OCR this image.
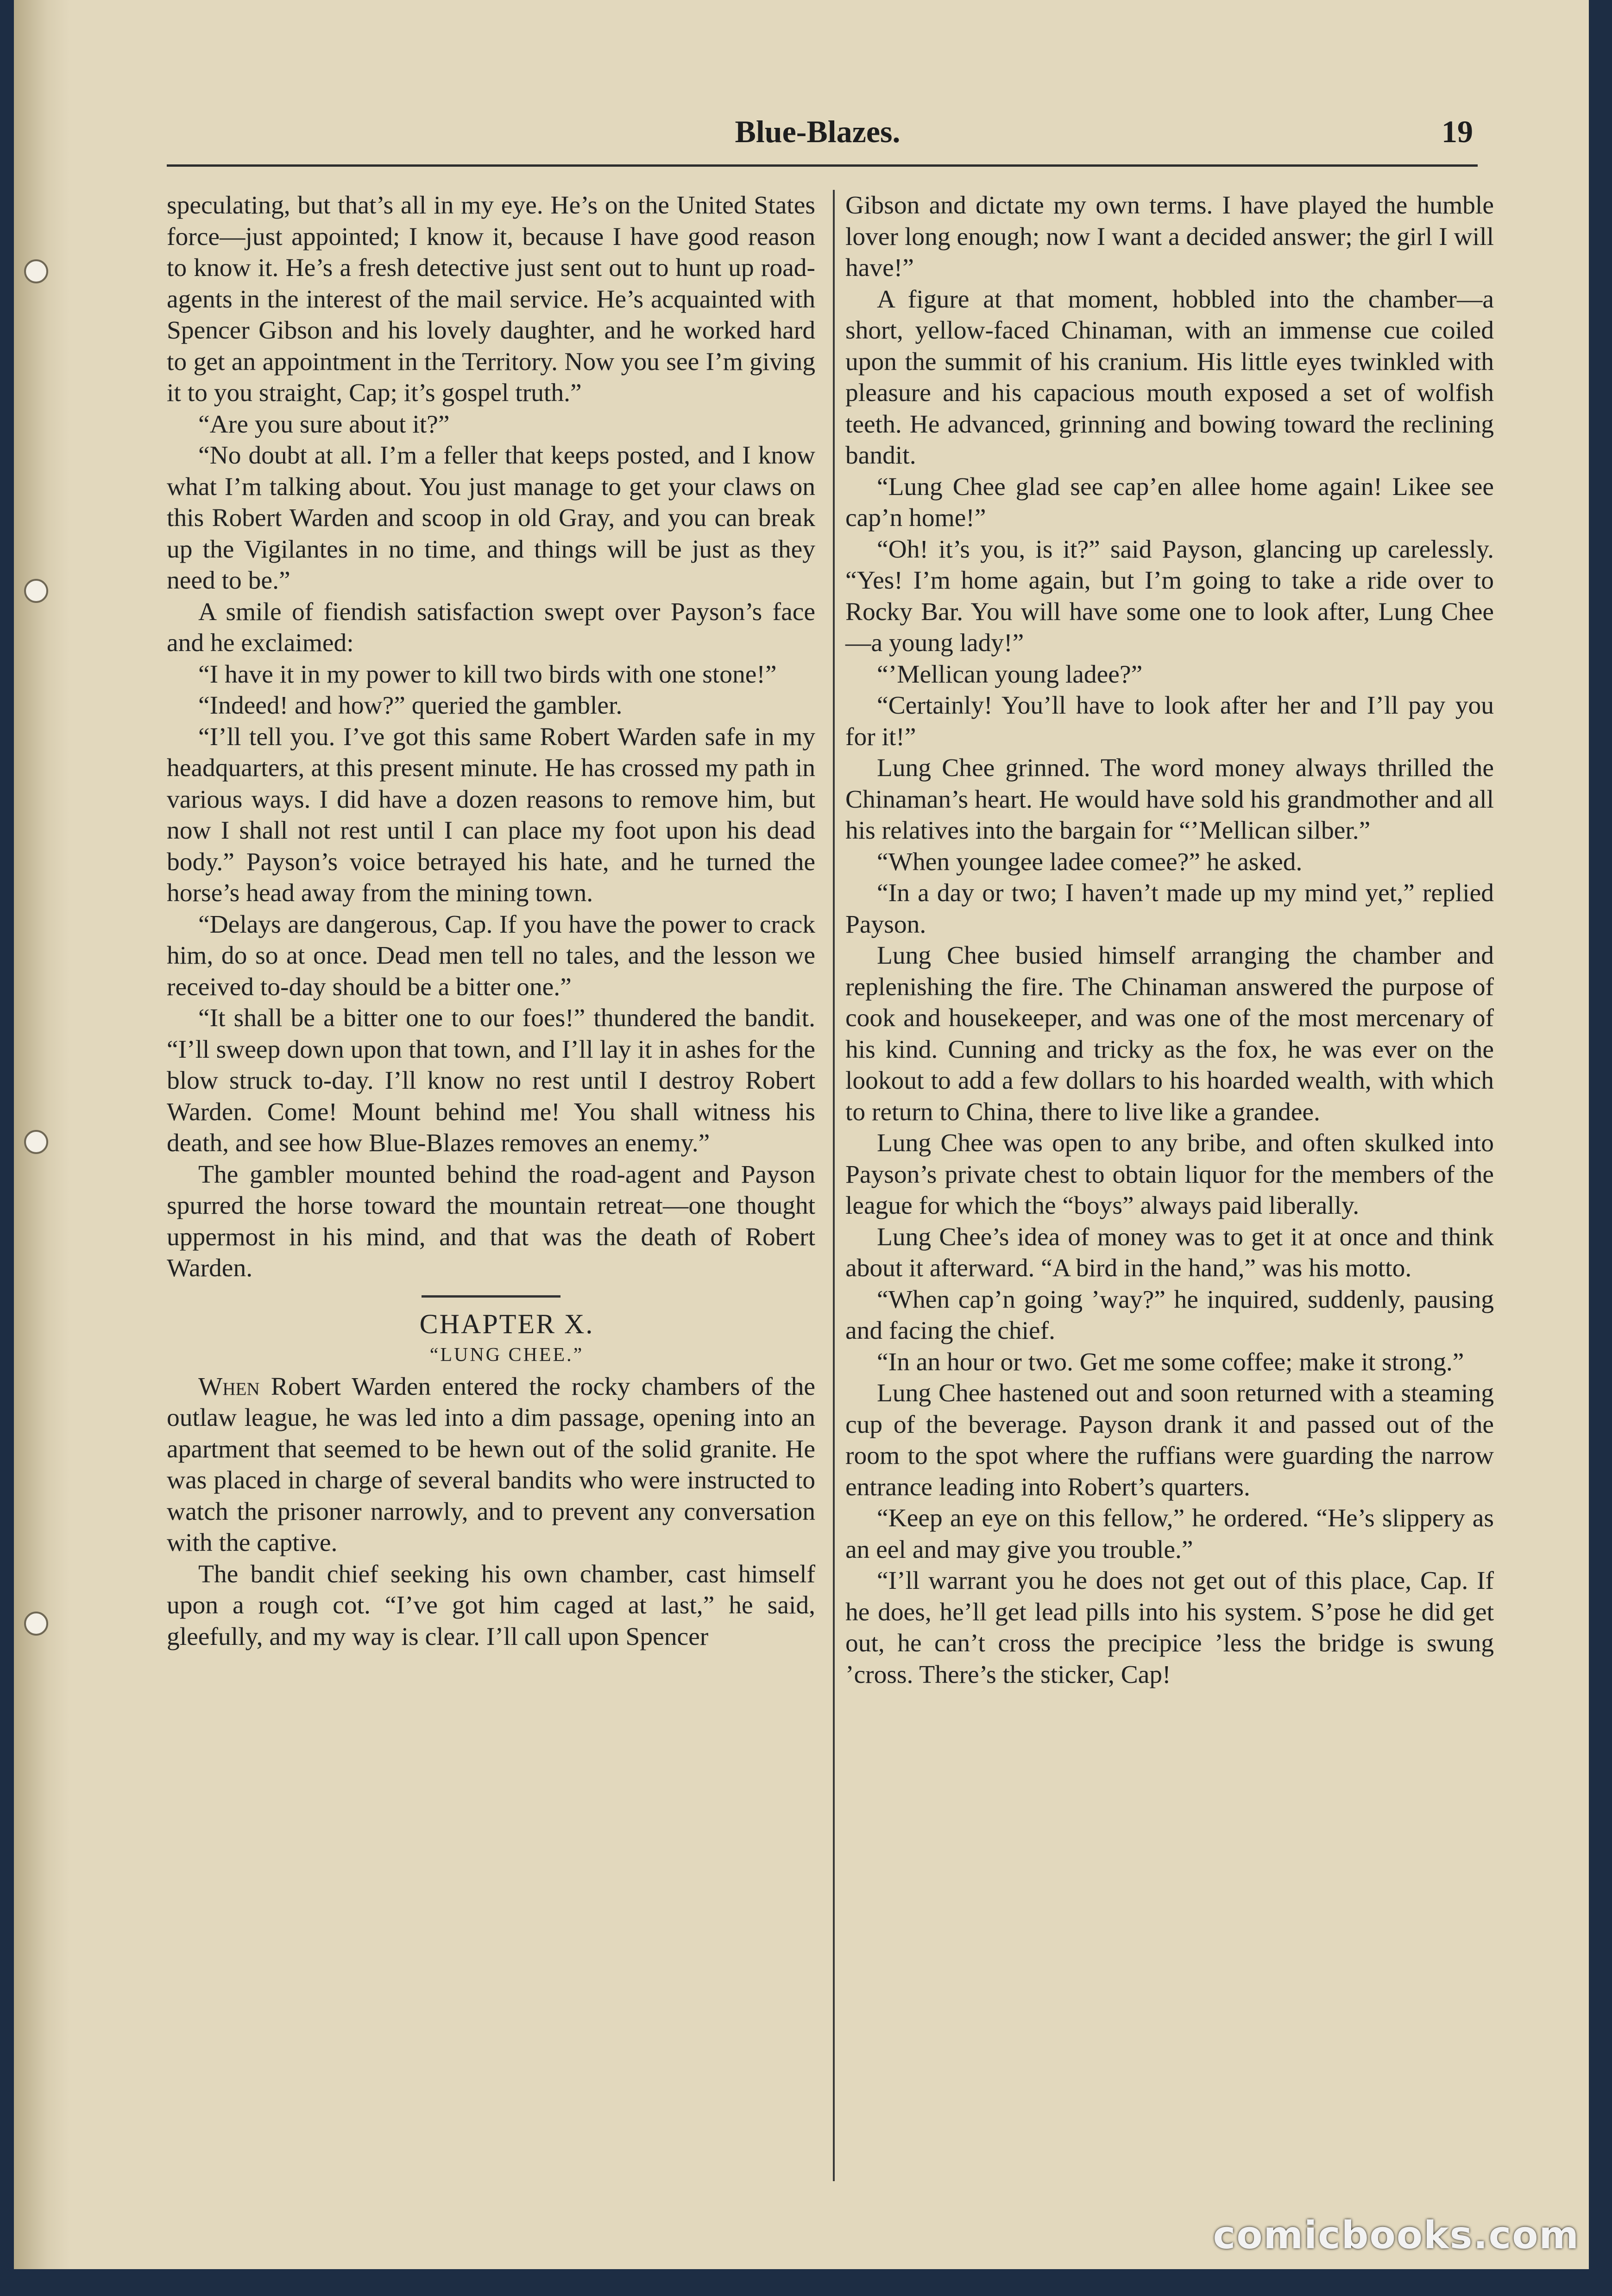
Blue-Blazes.	19

speculating, but that’s all in my eye. He’s on the United States force—just appointed; I know it, because I have good reason to know it. He’s a fresh detective just sent out to hunt up road-agents in the interest of the mail service. He’s acquainted with Spencer Gibson and his lovely daughter, and he worked hard to get an appointment in the Territory. Now you see I’m giving it to you straight, Cap; it’s gospel truth.”

“Are you sure about it?”

“No doubt at all. I’m a feller that keeps posted, and I know what I’m talking about. You just manage to get your claws on this Robert Warden and scoop in old Gray, and you can break up the Vigilantes in no time, and things will be just as they need to be.”

A smile of fiendish satisfaction swept over Payson’s face and he exclaimed:

“I have it in my power to kill two birds with one stone!”

“Indeed! and how?” queried the gambler.

“I’ll tell you. I’ve got this same Robert Warden safe in my headquarters, at this present minute. He has crossed my path in various ways. I did have a dozen reasons to remove him, but now I shall not rest until I can place my foot upon his dead body.” Payson’s voice betrayed his hate, and he turned the horse’s head away from the mining town.

“Delays are dangerous, Cap. If you have the power to crack him, do so at once. Dead men tell no tales, and the lesson we received to-day should be a bitter one.”

“It shall be a bitter one to our foes!” thundered the bandit. “I’ll sweep down upon that town, and I’ll lay it in ashes for the blow struck to-day. I’ll know no rest until I destroy Robert Warden. Come! Mount behind me! You shall witness his death, and see how Blue-Blazes removes an enemy.”

The gambler mounted behind the road-agent and Payson spurred the horse toward the mountain retreat—one thought uppermost in his mind, and that was the death of Robert Warden.

CHAPTER X.

“LUNG CHEE.”

When Robert Warden entered the rocky chambers of the outlaw league, he was led into a dim passage, opening into an apartment that seemed to be hewn out of the solid granite. He was placed in charge of several bandits who were instructed to watch the prisoner narrowly, and to prevent any conversation with the captive.

The bandit chief seeking his own chamber, cast himself upon a rough cot. “I’ve got him caged at last,” he said, gleefully, and my way is clear. I’ll call upon Spencer

Gibson and dictate my own terms. I have played the humble lover long enough; now I want a decided answer; the girl I will have!”

A figure at that moment, hobbled into the chamber—a short, yellow-faced Chinaman, with an immense cue coiled upon the summit of his cranium. His little eyes twinkled with pleasure and his capacious mouth exposed a set of wolfish teeth. He advanced, grinning and bowing toward the reclining bandit.

“Lung Chee glad see cap’en allee home again! Likee see cap’n home!”

“Oh! it’s you, is it?” said Payson, glancing up carelessly. “Yes! I’m home again, but I’m going to take a ride over to Rocky Bar. You will have some one to look after, Lung Chee—a young lady!”

“’Mellican young ladee?”

“Certainly! You’ll have to look after her and I’ll pay you for it!”

Lung Chee grinned. The word money always thrilled the Chinaman’s heart. He would have sold his grandmother and all his relatives into the bargain for “’Mellican silber.”

“When youngee ladee comee?” he asked.

“In a day or two; I haven’t made up my mind yet,” replied Payson.

Lung Chee busied himself arranging the chamber and replenishing the fire. The Chinaman answered the purpose of cook and housekeeper, and was one of the most mercenary of his kind. Cunning and tricky as the fox, he was ever on the lookout to add a few dollars to his hoarded wealth, with which to return to China, there to live like a grandee.

Lung Chee was open to any bribe, and often skulked into Payson’s private chest to obtain liquor for the members of the league for which the “boys” always paid liberally.

Lung Chee’s idea of money was to get it at once and think about it afterward. “A bird in the hand,” was his motto.

“When cap’n going ’way?” he inquired, suddenly, pausing and facing the chief.

“In an hour or two. Get me some coffee; make it strong.”

Lung Chee hastened out and soon returned with a steaming cup of the beverage. Payson drank it and passed out of the room to the spot where the ruffians were guarding the narrow entrance leading into Robert’s quarters.

“Keep an eye on this fellow,” he ordered. “He’s slippery as an eel and may give you trouble.”

“I’ll warrant you he does not get out of this place, Cap. If he does, he’ll get lead pills into his system. S’pose he did get out, he can’t cross the precipice ’less the bridge is swung ’cross. There’s the sticker, Cap!

comicbooks.com
